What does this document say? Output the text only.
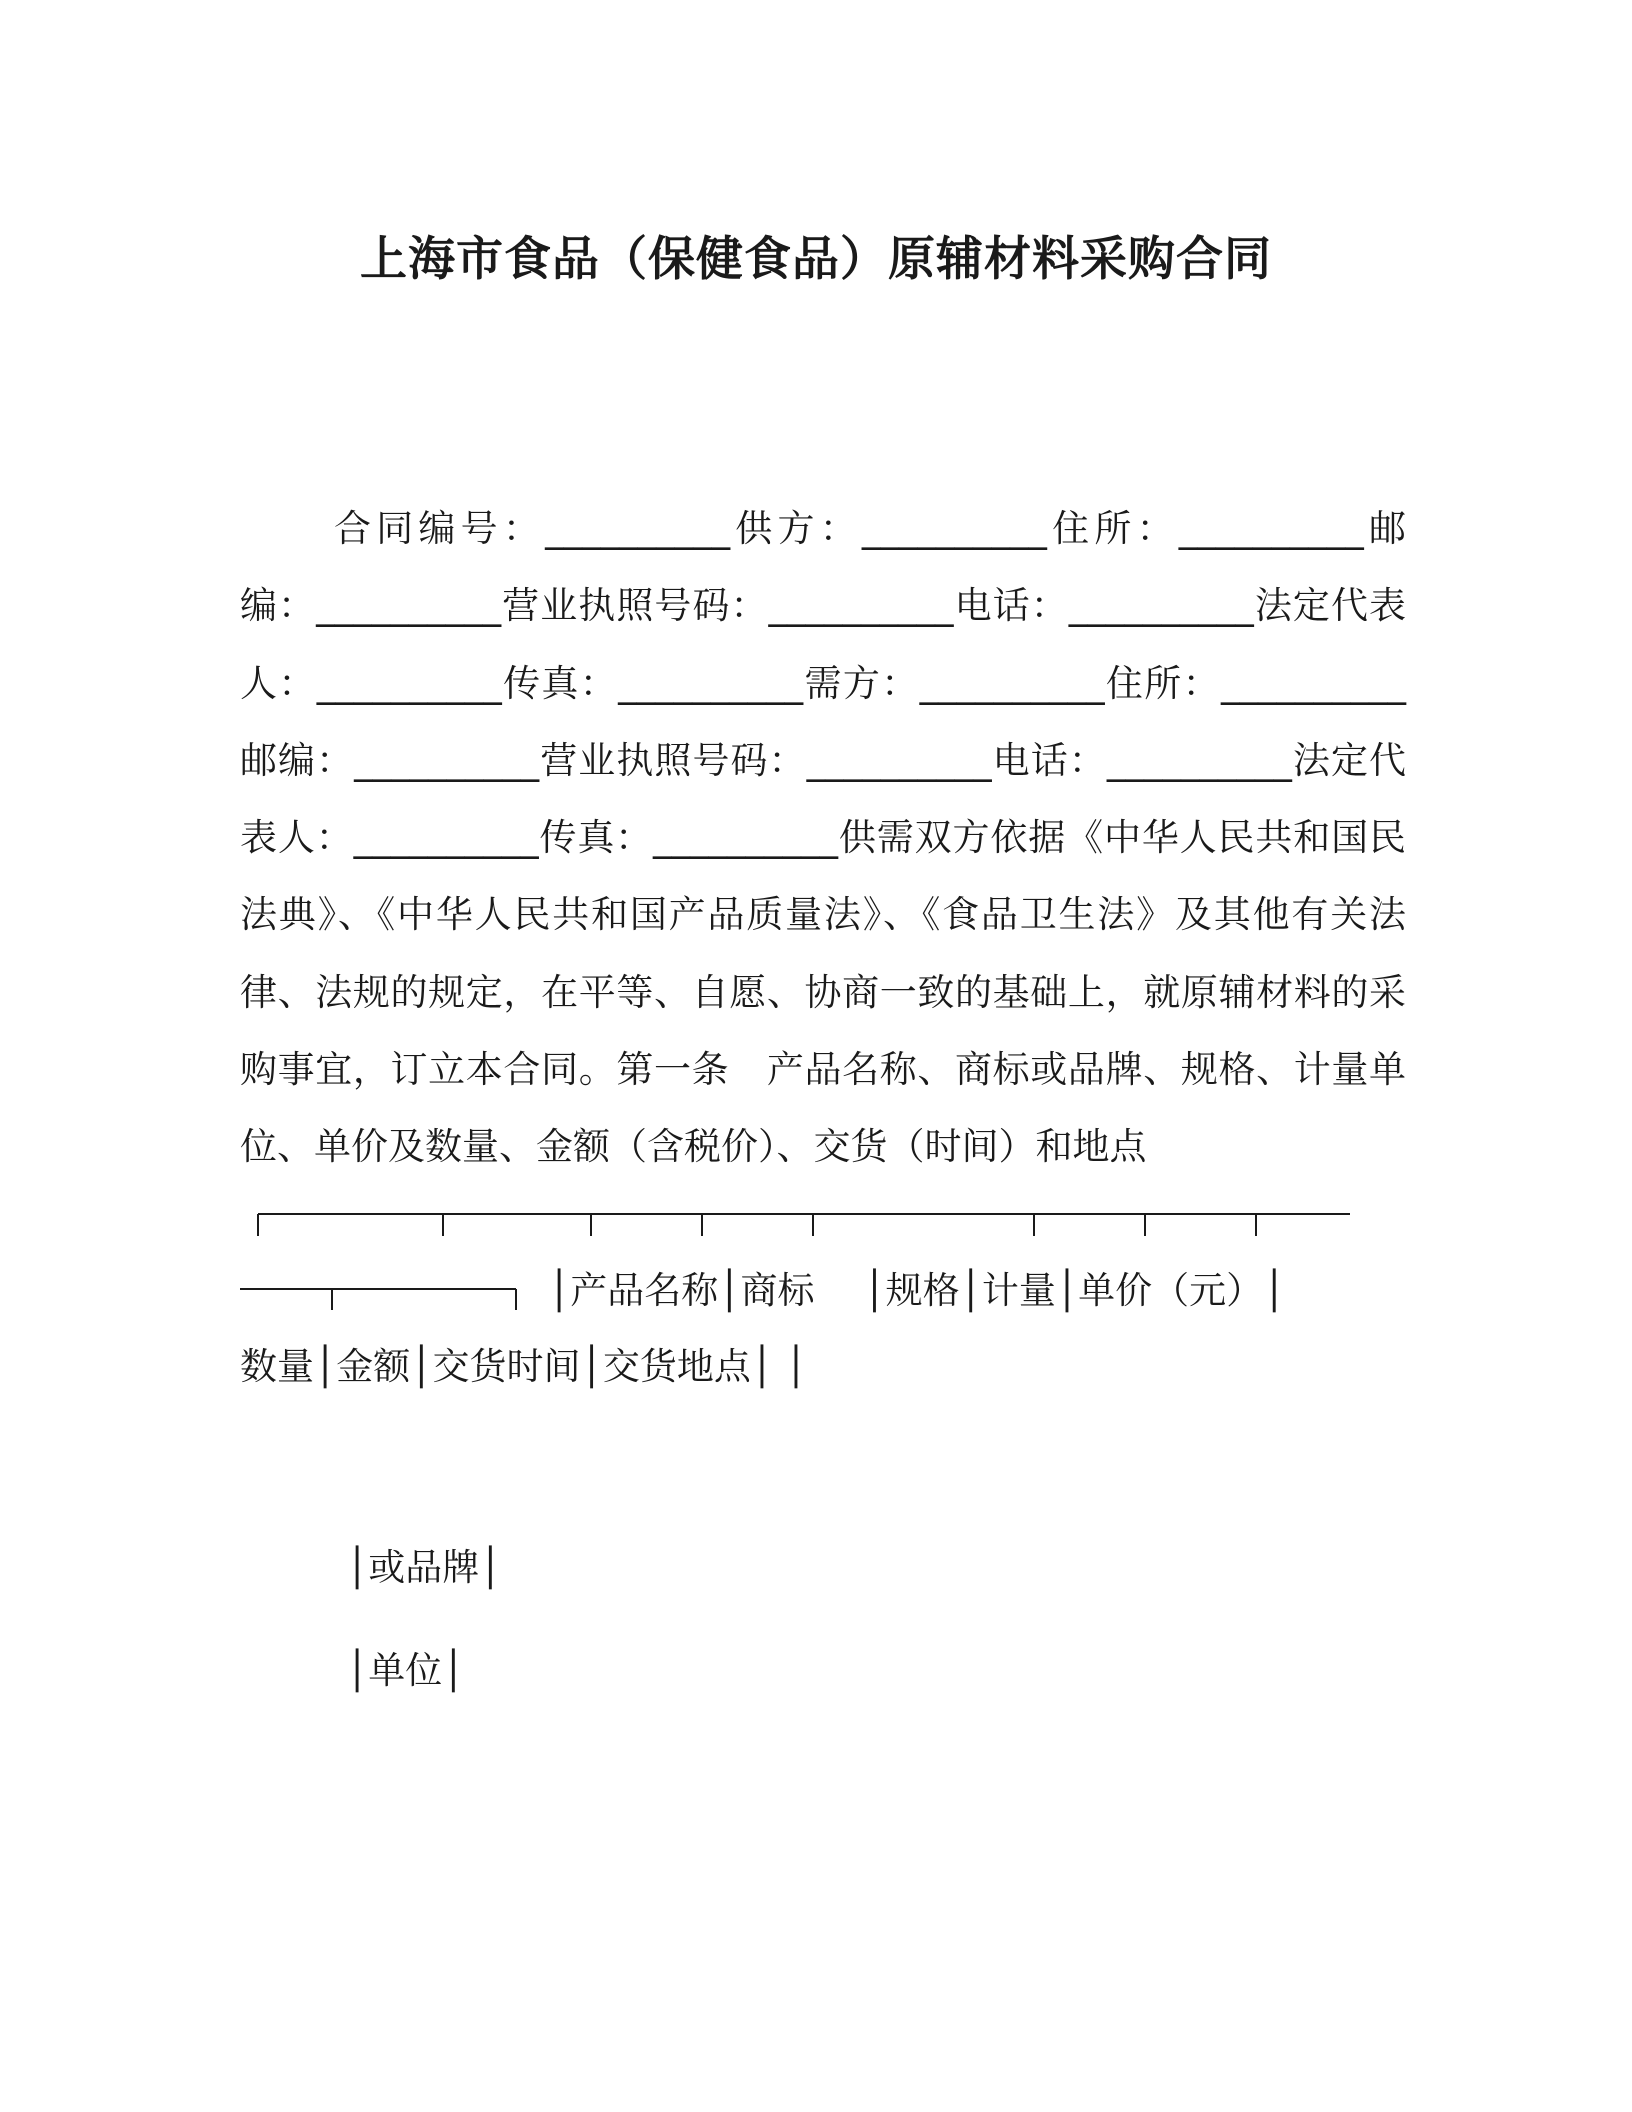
上海市食品（保健食品）原辅材料采购合同

合同编号：__________供方：__________住所：__________邮编：__________营业执照号码：__________电话：__________法定代表人：__________传真：__________需方：__________住所：__________邮编：__________营业执照号码：__________电话：__________法定代表人：__________传真：__________供需双方依据《中华人民共和国民法典》、《中华人民共和国产品质量法》、《食品卫生法》及其他有关法律、法规的规定，在平等、自愿、协商一致的基础上，就原辅材料的采购事宜，订立本合同。第一条　产品名称、商标或品牌、规格、计量单位、单价及数量、金额（含税价）、交货（时间）和地点

│产品名称│商标　 │规格│计量│单价（元）│
数量│金额│交货时间│交货地点│ │
│或品牌│
│单位│
